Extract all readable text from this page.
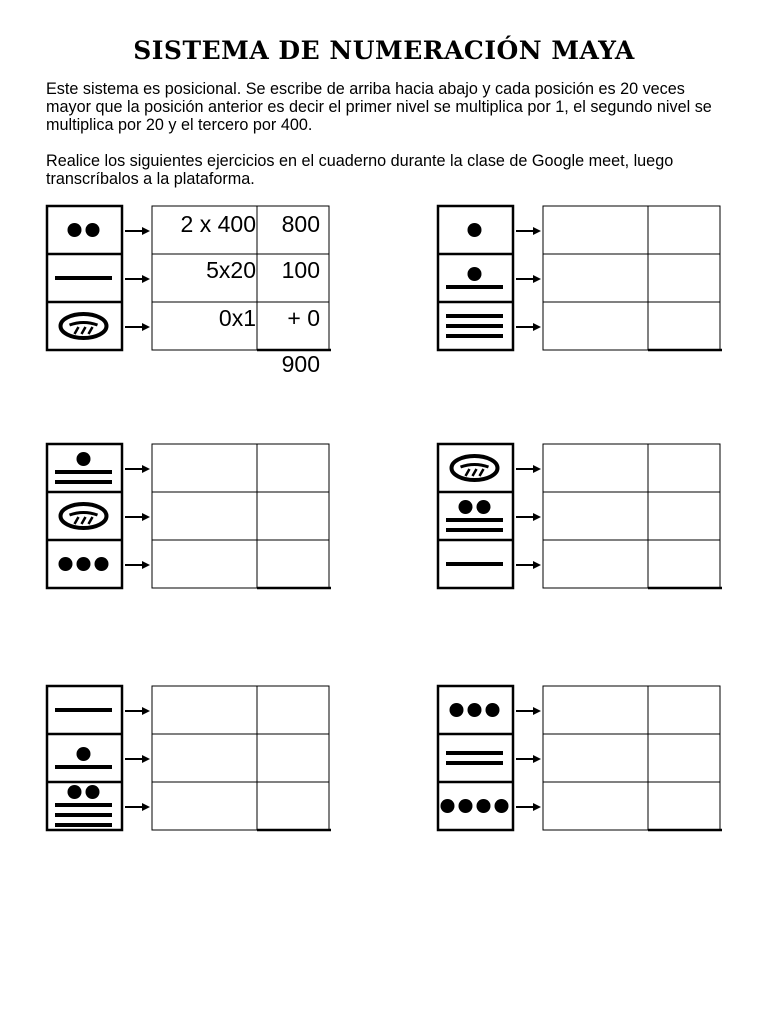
SISTEMA DE NUMERACIÓN MAYA
Este sistema es posicional. Se escribe de arriba hacia abajo y cada posición es 20 veces mayor que la posición anterior es decir el primer nivel se multiplica por 1, el segundo nivel se multiplica por 20 y el tercero por 400.
Realice los siguientes ejercicios en el cuaderno durante la clase de Google meet, luego transcríbalos a la plataforma.
2 x 400	800
5x20	100
0x1	+ 0
900
